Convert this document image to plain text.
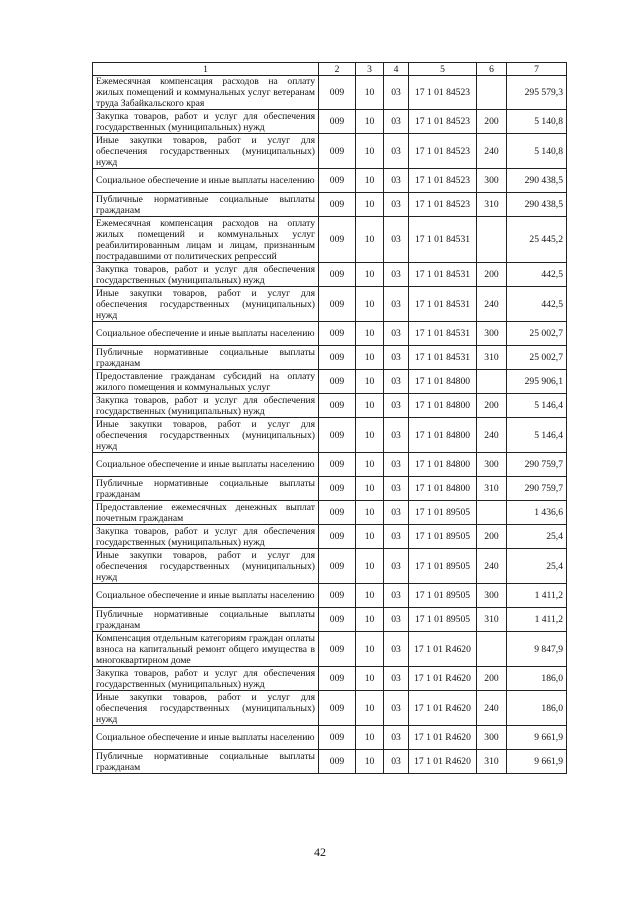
1	2	3	4	5	6	7
Ежемесячная компенсация расходов на оплату жилых помещений и коммунальных услуг ветеранам труда Забайкальского края	009	10	03	17 1 01 84523		295 579,3
Закупка товаров, работ и услуг для обеспечения государственных (муниципальных) нужд	009	10	03	17 1 01 84523	200	5 140,8
Иные закупки товаров, работ и услуг для обеспечения государственных (муниципальных) нужд	009	10	03	17 1 01 84523	240	5 140,8
Социальное обеспечение и иные выплаты населению	009	10	03	17 1 01 84523	300	290 438,5
Публичные нормативные социальные выплаты гражданам	009	10	03	17 1 01 84523	310	290 438,5
Ежемесячная компенсация расходов на оплату жилых помещений и коммунальных услуг реабилитированным лицам и лицам, признанным пострадавшими от политических репрессий	009	10	03	17 1 01 84531		25 445,2
Закупка товаров, работ и услуг для обеспечения государственных (муниципальных) нужд	009	10	03	17 1 01 84531	200	442,5
Иные закупки товаров, работ и услуг для обеспечения государственных (муниципальных) нужд	009	10	03	17 1 01 84531	240	442,5
Социальное обеспечение и иные выплаты населению	009	10	03	17 1 01 84531	300	25 002,7
Публичные нормативные социальные выплаты гражданам	009	10	03	17 1 01 84531	310	25 002,7
Предоставление гражданам субсидий на оплату жилого помещения и коммунальных услуг	009	10	03	17 1 01 84800		295 906,1
Закупка товаров, работ и услуг для обеспечения государственных (муниципальных) нужд	009	10	03	17 1 01 84800	200	5 146,4
Иные закупки товаров, работ и услуг для обеспечения государственных (муниципальных) нужд	009	10	03	17 1 01 84800	240	5 146,4
Социальное обеспечение и иные выплаты населению	009	10	03	17 1 01 84800	300	290 759,7
Публичные нормативные социальные выплаты гражданам	009	10	03	17 1 01 84800	310	290 759,7
Предоставление ежемесячных денежных выплат почетным гражданам	009	10	03	17 1 01 89505		1 436,6
Закупка товаров, работ и услуг для обеспечения государственных (муниципальных) нужд	009	10	03	17 1 01 89505	200	25,4
Иные закупки товаров, работ и услуг для обеспечения государственных (муниципальных) нужд	009	10	03	17 1 01 89505	240	25,4
Социальное обеспечение и иные выплаты населению	009	10	03	17 1 01 89505	300	1 411,2
Публичные нормативные социальные выплаты гражданам	009	10	03	17 1 01 89505	310	1 411,2
Компенсация отдельным категориям граждан оплаты взноса на капитальный ремонт общего имущества в многоквартирном доме	009	10	03	17 1 01 R4620		9 847,9
Закупка товаров, работ и услуг для обеспечения государственных (муниципальных) нужд	009	10	03	17 1 01 R4620	200	186,0
Иные закупки товаров, работ и услуг для обеспечения государственных (муниципальных) нужд	009	10	03	17 1 01 R4620	240	186,0
Социальное обеспечение и иные выплаты населению	009	10	03	17 1 01 R4620	300	9 661,9
Публичные нормативные социальные выплаты гражданам	009	10	03	17 1 01 R4620	310	9 661,9
42
